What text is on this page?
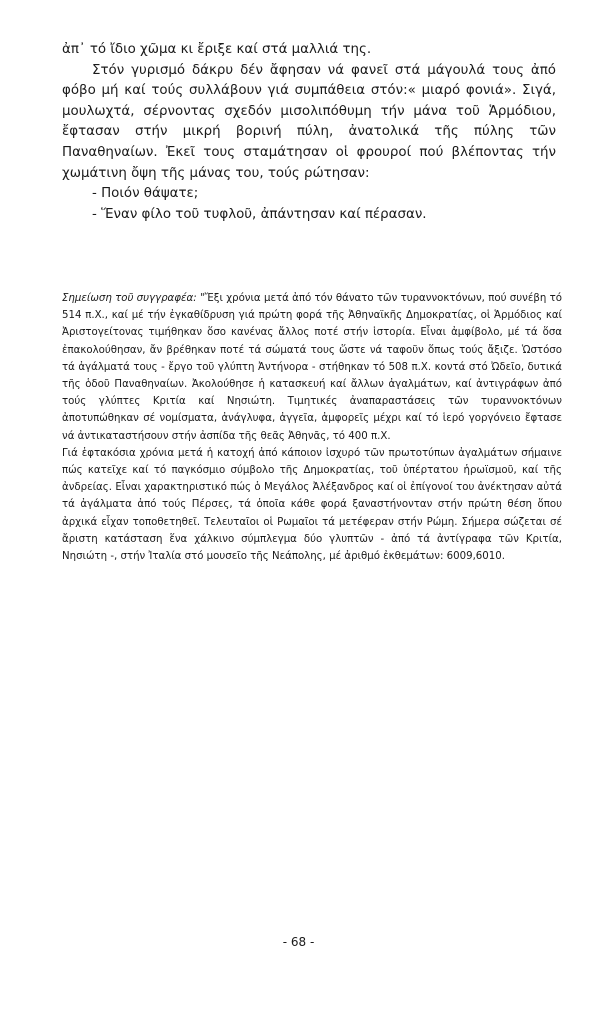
ἀπ᾿ τό ἴδιο χῶμα κι ἔριξε καί στά μαλλιά της.

Στόν γυρισμό δάκρυ δέν ἄφησαν νά φανεῖ στά μάγουλά τους ἀπό φόβο μή καί τούς συλλάβουν γιά συμπάθεια στόν:« μιαρό φονιά». Σιγά, μουλωχτά, σέρνοντας σχεδόν μισολιπόθυμη τήν μάνα τοῦ Ἁρμόδιου, ἔφτασαν στήν μικρή βορινή πύλη, ἀνατολικά τῆς πύλης τῶν Παναθηναίων. Ἐκεῖ τους σταμάτησαν οἱ φρουροί πού βλέποντας τήν χωμάτινη ὄψη τῆς μάνας του, τούς ρώτησαν:

- Ποιόν θάψατε;

- Ἕναν φίλο τοῦ τυφλοῦ, ἀπάντησαν καί πέρασαν.

Σημείωση τοῦ συγγραφέα: "Ἔξι χρόνια μετά ἀπό τόν θάνατο τῶν τυραννοκτόνων, πού συνέβη τό 514 π.Χ., καί μέ τήν ἐγκαθίδρυση γιά πρώτη φορά τῆς Ἀθηναϊκῆς Δημοκρατίας, οἱ Ἁρμόδιος καί Ἀριστογείτονας τιμήθηκαν ὅσο κανένας ἄλλος ποτέ στήν ἱστορία. Εἶναι ἀμφίβολο, μέ τά ὅσα ἐπακολούθησαν, ἄν βρέθηκαν ποτέ τά σώματά τους ὥστε νά ταφοῦν ὅπως τούς ἄξιζε. Ὡστόσο τά ἀγάλματά τους - ἔργο τοῦ γλύπτη Ἀντήνορα - στήθηκαν τό 508 π.Χ. κοντά στό Ὠδεῖο, δυτικά τῆς ὁδοῦ Παναθηναίων. Ἀκολούθησε ἡ κατασκευή καί ἄλλων ἀγαλμάτων, καί ἀντιγράφων ἀπό τούς γλύπτες Κριτία καί Νησιώτη. Τιμητικές ἀναπαραστάσεις τῶν τυραννοκτόνων ἀποτυπώθηκαν σέ νομίσματα, ἀνάγλυφα, ἀγγεῖα, ἀμφορεῖς μέχρι καί τό ἱερό γοργόνειο ἔφτασε νά ἀντικαταστήσουν στήν ἀσπίδα τῆς θεᾶς Ἀθηνᾶς, τό 400 π.Χ.

Γιά ἑφτακόσια χρόνια μετά ἡ κατοχή ἀπό κάποιον ἰσχυρό τῶν πρωτοτύπων ἀγαλμάτων σήμαινε πώς κατεῖχε καί τό παγκόσμιο σύμβολο τῆς Δημοκρατίας, τοῦ ὑπέρτατου ἡρωϊσμοῦ, καί τῆς ἀνδρείας. Εἶναι χαρακτηριστικό πώς ὁ Μεγάλος Ἀλέξανδρος καί οἱ ἐπίγονοί του ἀνέκτησαν αὐτά τά ἀγάλματα ἀπό τούς Πέρσες, τά ὁποῖα κάθε φορά ξαναστήνονταν στήν πρώτη θέση ὅπου ἀρχικά εἶχαν τοποθετηθεῖ. Τελευταῖοι οἱ Ρωμαῖοι τά μετέφεραν στήν Ρώμη. Σήμερα σώζεται σέ ἄριστη κατάσταση ἕνα χάλκινο σύμπλεγμα δύο γλυπτῶν - ἀπό τά ἀντίγραφα τῶν Κριτία, Νησιώτη -, στήν Ἰταλία στό μουσεῖο τῆς Νεάπολης, μέ ἀριθμό ἐκθεμάτων: 6009,6010.

- 68 -
